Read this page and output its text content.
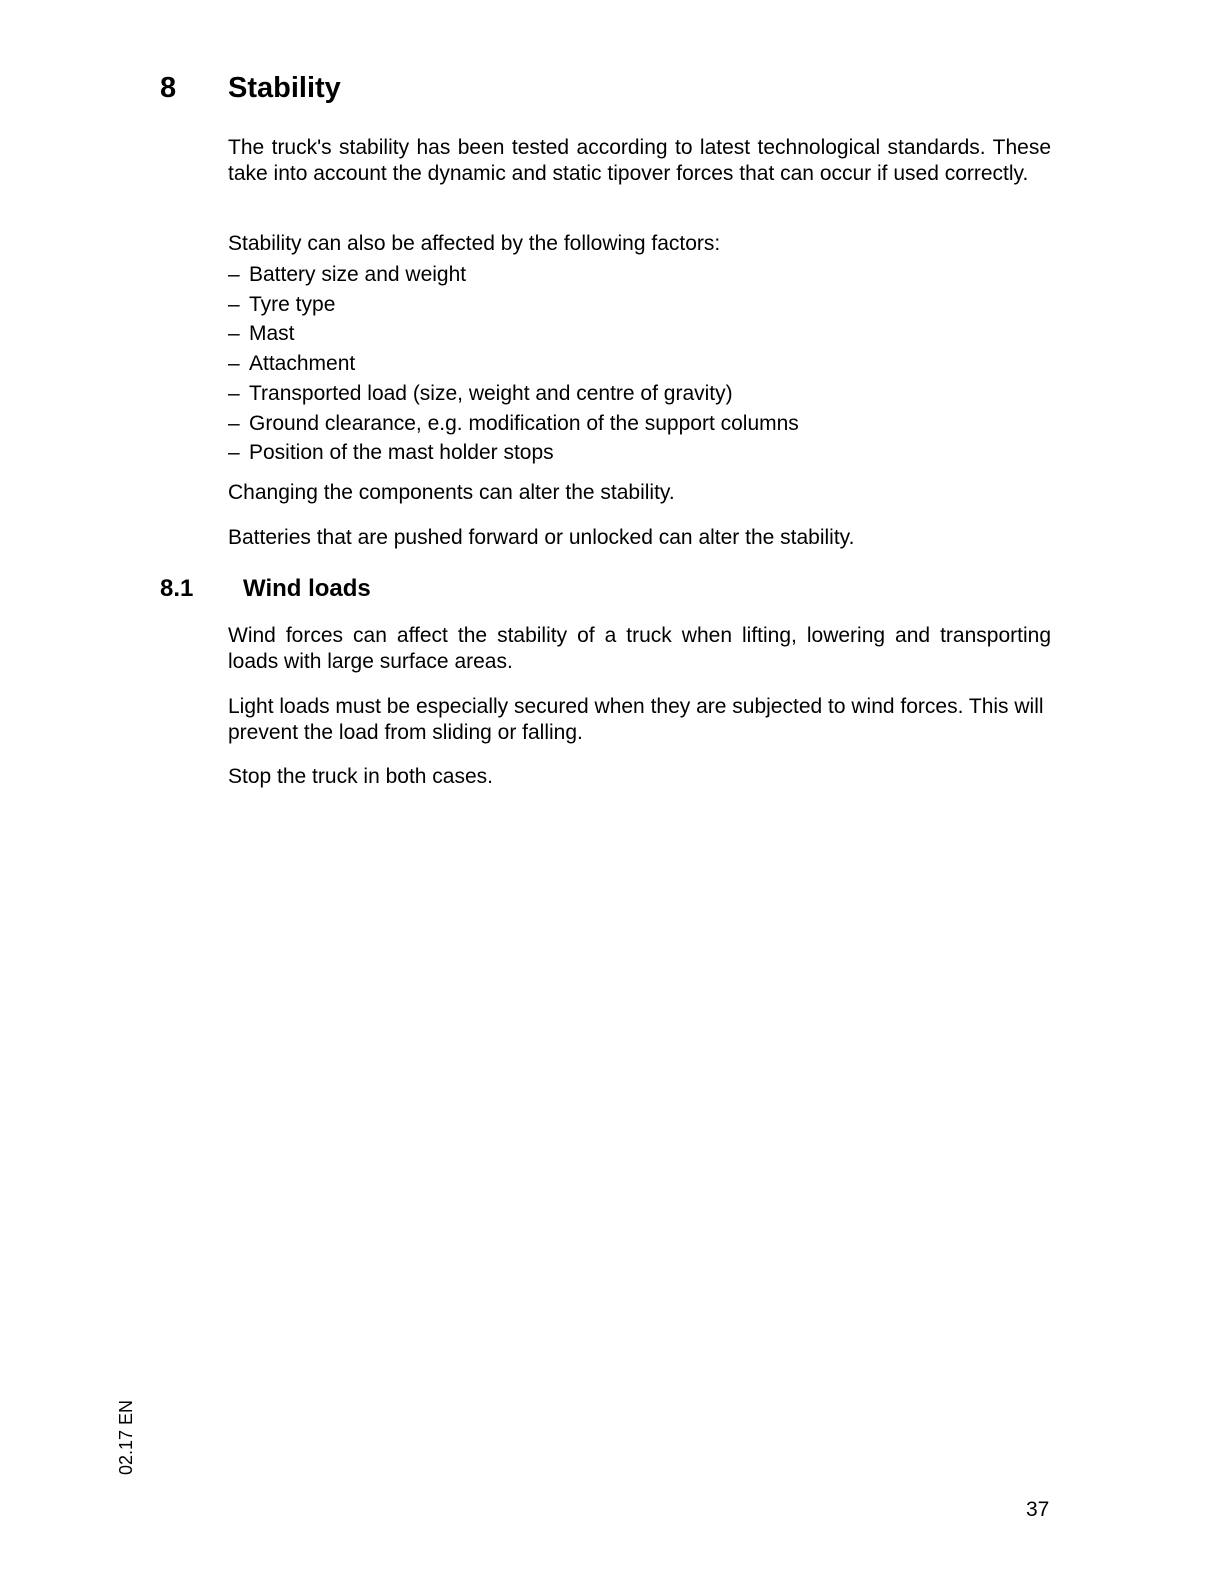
8 Stability

The truck's stability has been tested according to latest technological standards. These take into account the dynamic and static tipover forces that can occur if used correctly.

Stability can also be affected by the following factors:

– Battery size and weight
– Tyre type
– Mast
– Attachment
– Transported load (size, weight and centre of gravity)
– Ground clearance, e.g. modification of the support columns
– Position of the mast holder stops

Changing the components can alter the stability.

Batteries that are pushed forward or unlocked can alter the stability.

8.1 Wind loads

Wind forces can affect the stability of a truck when lifting, lowering and transporting loads with large surface areas.

Light loads must be especially secured when they are subjected to wind forces. This will prevent the load from sliding or falling.

Stop the truck in both cases.

02.17 EN
37
